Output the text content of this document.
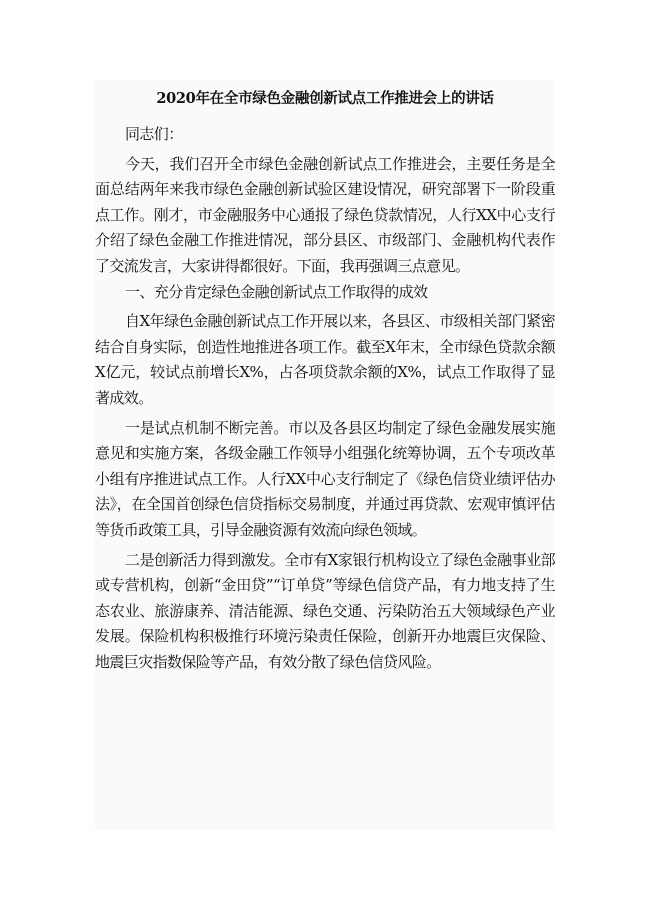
2020年在全市绿色金融创新试点工作推进会上的讲话

同志们：

今天，我们召开全市绿色金融创新试点工作推进会，主要任务是全面总结两年来我市绿色金融创新试验区建设情况，研究部署下一阶段重点工作。刚才，市金融服务中心通报了绿色贷款情况，人行XX中心支行介绍了绿色金融工作推进情况，部分县区、市级部门、金融机构代表作了交流发言，大家讲得都很好。下面，我再强调三点意见。

一、充分肯定绿色金融创新试点工作取得的成效

自X年绿色金融创新试点工作开展以来，各县区、市级相关部门紧密结合自身实际，创造性地推进各项工作。截至X年末，全市绿色贷款余额X亿元，较试点前增长X%，占各项贷款余额的X%，试点工作取得了显著成效。

一是试点机制不断完善。市以及各县区均制定了绿色金融发展实施意见和实施方案，各级金融工作领导小组强化统筹协调，五个专项改革小组有序推进试点工作。人行XX中心支行制定了《绿色信贷业绩评估办法》，在全国首创绿色信贷指标交易制度，并通过再贷款、宏观审慎评估等货币政策工具，引导金融资源有效流向绿色领域。

二是创新活力得到激发。全市有X家银行机构设立了绿色金融事业部或专营机构，创新“金田贷”“订单贷”等绿色信贷产品，有力地支持了生态农业、旅游康养、清洁能源、绿色交通、污染防治五大领域绿色产业发展。保险机构积极推行环境污染责任保险，创新开办地震巨灾保险、地震巨灾指数保险等产品，有效分散了绿色信贷风险。
